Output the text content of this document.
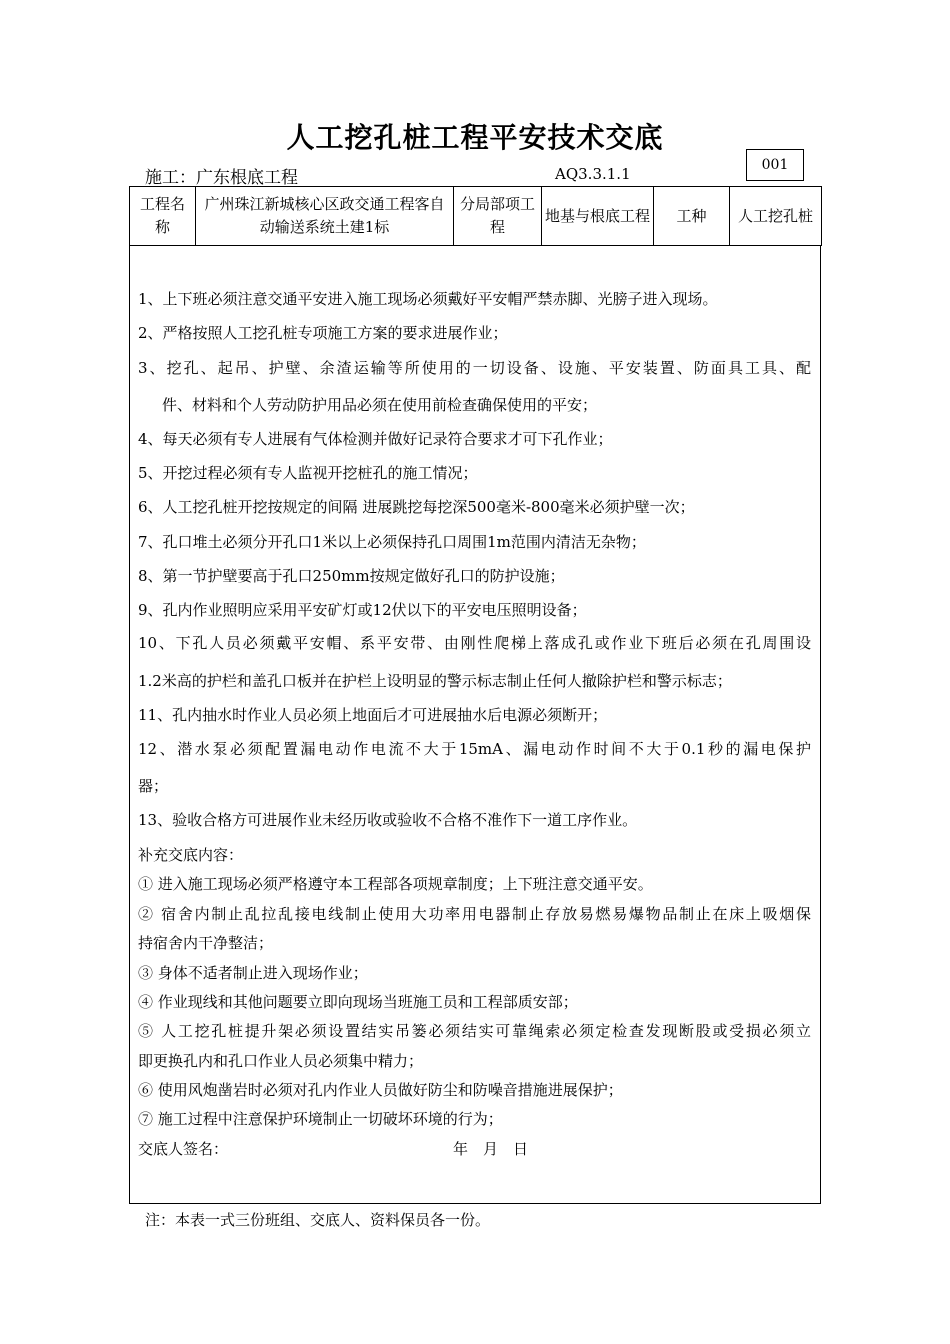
人工挖孔桩工程平安技术交底
施工：广东根底工程	AQ3.3.1.1	001
工程名称	广州珠江新城核心区政交通工程客自动输送系统土建1标	分局部项工 程	地基与根底工程	工种	人工挖孔桩
1、上下班必须注意交通平安进入施工现场必须戴好平安帽严禁赤脚、光膀子进入现场。
2、严格按照人工挖孔桩专项施工方案的要求进展作业；
3、挖孔、起吊、护壁、余渣运输等所使用的一切设备、设施、平安装置、防面具工具、配
件、材料和个人劳动防护用品必须在使用前检查确保使用的平安；
4、每天必须有专人进展有气体检测并做好记录符合要求才可下孔作业；
5、开挖过程必须有专人监视开挖桩孔的施工情况；
6、人工挖孔桩开挖按规定的间隔 进展跳挖每挖深500毫米-800毫米必须护壁一次；
7、孔口堆土必须分开孔口1米以上必须保持孔口周围1m范围内清洁无杂物；
8、第一节护壁要高于孔口250mm按规定做好孔口的防护设施；
9、孔内作业照明应采用平安矿灯或12伏以下的平安电压照明设备；
10、下孔人员必须戴平安帽、系平安带、由刚性爬梯上落成孔或作业下班后必须在孔周围设
1.2米高的护栏和盖孔口板并在护栏上设明显的警示标志制止任何人撤除护栏和警示标志；
11、孔内抽水时作业人员必须上地面后才可进展抽水后电源必须断开；
12、潜水泵必须配置漏电动作电流不大于15mA、漏电动作时间不大于0.1秒的漏电保护
器；
13、验收合格方可进展作业未经历收或验收不合格不准作下一道工序作业。
补充交底内容：
① 进入施工现场必须严格遵守本工程部各项规章制度；上下班注意交通平安。
② 宿舍内制止乱拉乱接电线制止使用大功率用电器制止存放易燃易爆物品制止在床上吸烟保
持宿舍内干净整洁；
③ 身体不适者制止进入现场作业；
④ 作业现线和其他问题要立即向现场当班施工员和工程部质安部；
⑤ 人工挖孔桩提升架必须设置结实吊篓必须结实可靠绳索必须定检查发现断股或受损必须立
即更换孔内和孔口作业人员必须集中精力；
⑥ 使用风炮凿岩时必须对孔内作业人员做好防尘和防噪音措施进展保护；
⑦ 施工过程中注意保护环境制止一切破坏环境的行为；
交底人签名：	年　月　日
注：本表一式三份班组、交底人、资料保员各一份。
